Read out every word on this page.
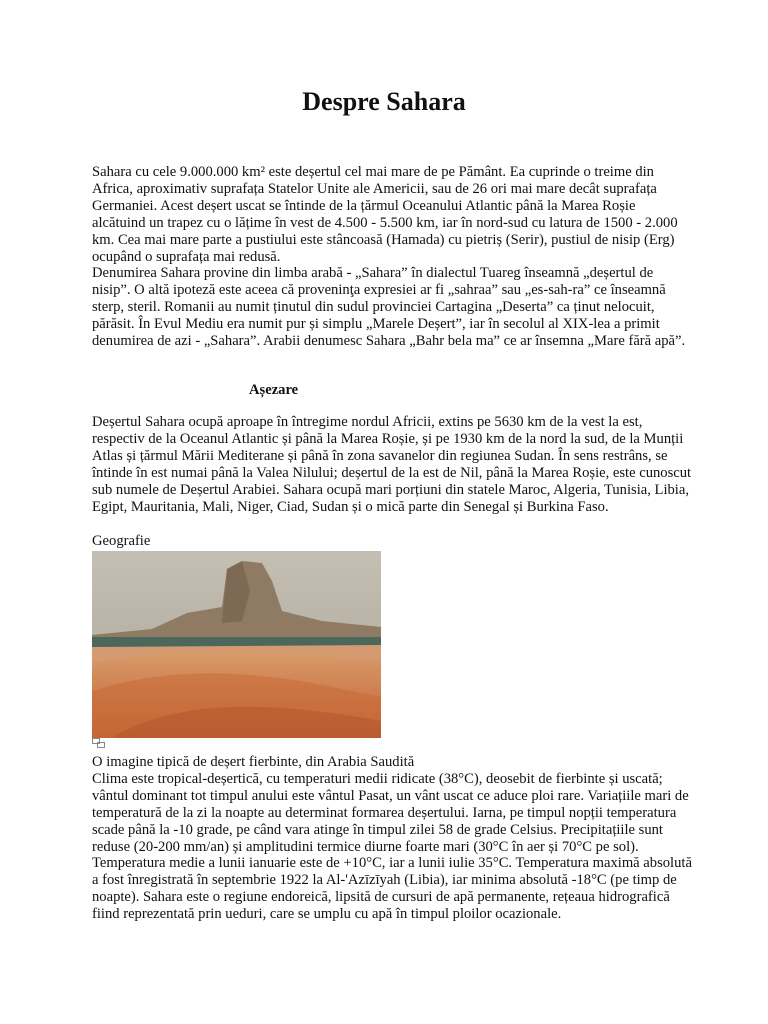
Despre Sahara

Sahara cu cele 9.000.000 km² este deșertul cel mai mare de pe Pământ. Ea cuprinde o treime din Africa, aproximativ suprafața Statelor Unite ale Americii, sau de 26 ori mai mare decât suprafața Germaniei. Acest deșert uscat se întinde de la țărmul Oceanului Atlantic până la Marea Roșie alcătuind un trapez cu o lățime în vest de 4.500 - 5.500 km, iar în nord-sud cu latura de 1500 - 2.000 km. Cea mai mare parte a pustiului este stâncoasă (Hamada) cu pietriș (Serir), pustiul de nisip (Erg) ocupând o suprafața mai redusă.

Denumirea Sahara provine din limba arabă - „Sahara” în dialectul Tuareg înseamnă „deșertul de nisip”. O altă ipoteză este aceea că proveninţa expresiei ar fi „sahraa” sau „es-sah-ra” ce înseamnă sterp, steril. Romanii au numit ținutul din sudul provinciei Cartagina „Deserta” ca ținut nelocuit, părăsit. În Evul Mediu era numit pur și simplu „Marele Deșert”, iar în secolul al XIX-lea a primit denumirea de azi - „Sahara”. Arabii denumesc Sahara „Bahr bela ma” ce ar însemna „Mare fără apă”.

Așezare

Deșertul Sahara ocupă aproape în întregime nordul Africii, extins pe 5630 km de la vest la est, respectiv de la Oceanul Atlantic și până la Marea Roșie, și pe 1930 km de la nord la sud, de la Munții Atlas și țărmul Mării Mediterane și până în zona savanelor din regiunea Sudan. În sens restrâns, se întinde în est numai până la Valea Nilului; deșertul de la est de Nil, până la Marea Roșie, este cunoscut sub numele de Deșertul Arabiei. Sahara ocupă mari porțiuni din statele Maroc, Algeria, Tunisia, Libia, Egipt, Mauritania, Mali, Niger, Ciad, Sudan și o mică parte din Senegal și Burkina Faso.

Geografie

O imagine tipică de deșert fierbinte, din Arabia Saudită

Clima este tropical-deșertică, cu temperaturi medii ridicate (38°C), deosebit de fierbinte și uscată; vântul dominant tot timpul anului este vântul Pasat, un vânt uscat ce aduce ploi rare. Variațiile mari de temperatură de la zi la noapte au determinat formarea deșertului. Iarna, pe timpul nopții temperatura scade până la -10 grade, pe când vara atinge în timpul zilei 58 de grade Celsius. Precipitațiile sunt reduse (20-200 mm/an) și amplitudini termice diurne foarte mari (30°C în aer și 70°C pe sol). Temperatura medie a lunii ianuarie este de +10°C, iar a lunii iulie 35°C. Temperatura maximă absolută a fost înregistrată în septembrie 1922 la Al-'Azīzīyah (Libia), iar minima absolută -18°C (pe timp de noapte). Sahara este o regiune endoreică, lipsită de cursuri de apă permanente, rețeaua hidrografică fiind reprezentată prin ueduri, care se umplu cu apă în timpul ploilor ocazionale.
